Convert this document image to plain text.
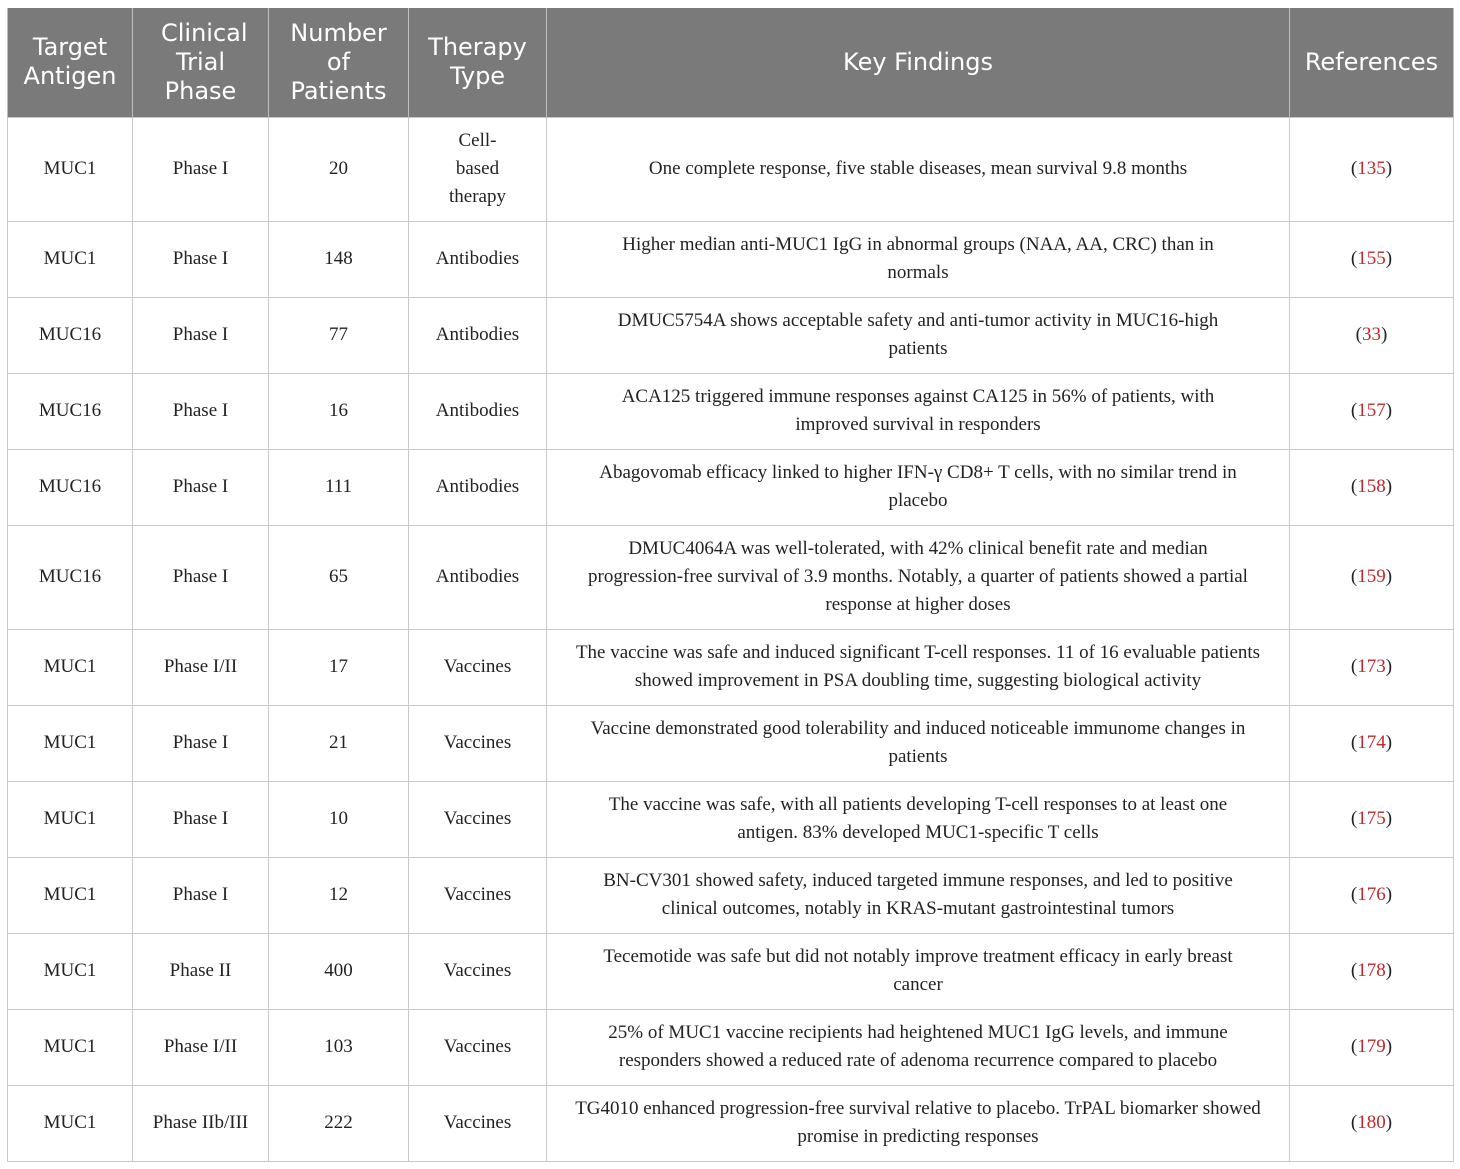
Target Antigen	Clinical Trial Phase	Number of Patients	Therapy Type	Key Findings	References
MUC1	Phase I	20	Cell-based therapy	One complete response, five stable diseases, mean survival 9.8 months	(135)
MUC1	Phase I	148	Antibodies	Higher median anti-MUC1 IgG in abnormal groups (NAA, AA, CRC) than in normals	(155)
MUC16	Phase I	77	Antibodies	DMUC5754A shows acceptable safety and anti-tumor activity in MUC16-high patients	(33)
MUC16	Phase I	16	Antibodies	ACA125 triggered immune responses against CA125 in 56% of patients, with improved survival in responders	(157)
MUC16	Phase I	111	Antibodies	Abagovomab efficacy linked to higher IFN-γ CD8+ T cells, with no similar trend in placebo	(158)
MUC16	Phase I	65	Antibodies	DMUC4064A was well-tolerated, with 42% clinical benefit rate and median progression-free survival of 3.9 months. Notably, a quarter of patients showed a partial response at higher doses	(159)
MUC1	Phase I/II	17	Vaccines	The vaccine was safe and induced significant T-cell responses. 11 of 16 evaluable patients showed improvement in PSA doubling time, suggesting biological activity	(173)
MUC1	Phase I	21	Vaccines	Vaccine demonstrated good tolerability and induced noticeable immunome changes in patients	(174)
MUC1	Phase I	10	Vaccines	The vaccine was safe, with all patients developing T-cell responses to at least one antigen. 83% developed MUC1-specific T cells	(175)
MUC1	Phase I	12	Vaccines	BN-CV301 showed safety, induced targeted immune responses, and led to positive clinical outcomes, notably in KRAS-mutant gastrointestinal tumors	(176)
MUC1	Phase II	400	Vaccines	Tecemotide was safe but did not notably improve treatment efficacy in early breast cancer	(178)
MUC1	Phase I/II	103	Vaccines	25% of MUC1 vaccine recipients had heightened MUC1 IgG levels, and immune responders showed a reduced rate of adenoma recurrence compared to placebo	(179)
MUC1	Phase IIb/III	222	Vaccines	TG4010 enhanced progression-free survival relative to placebo. TrPAL biomarker showed promise in predicting responses	(180)
